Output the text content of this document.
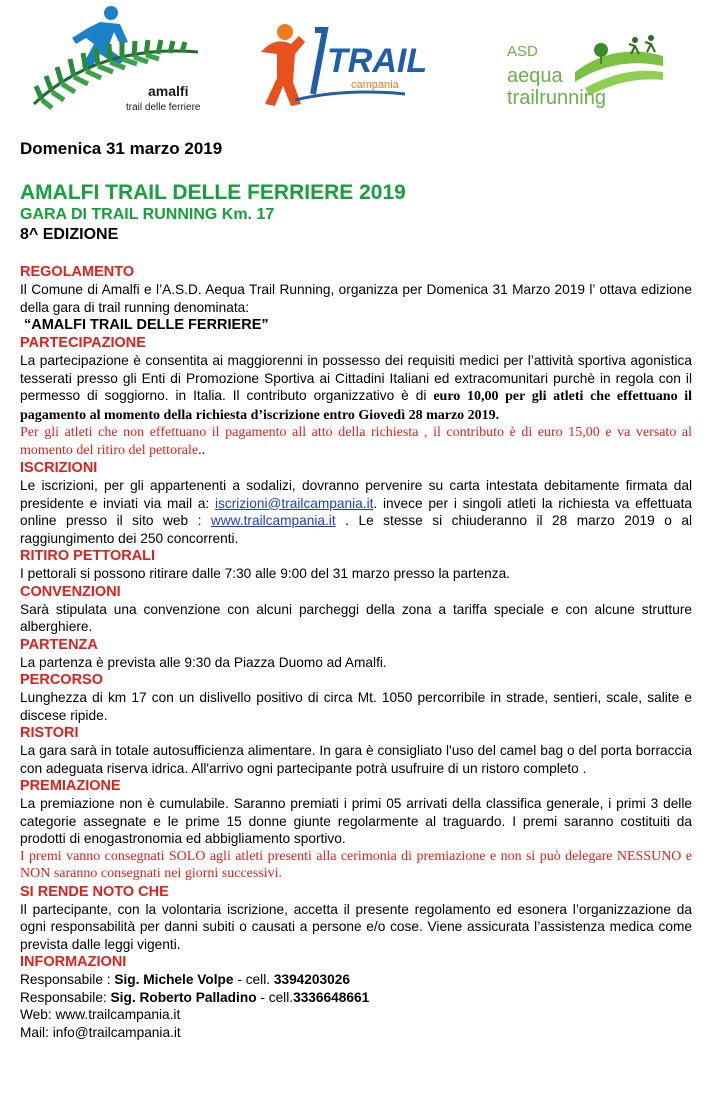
amalfi
trail delle ferriere
TRAIL
campania
ASD
aequa
trailrunning

Domenica 31 marzo 2019

AMALFI TRAIL DELLE FERRIERE 2019

GARA DI TRAIL RUNNING Km. 17

8^ EDIZIONE

REGOLAMENTO

Il Comune di Amalfi e l’A.S.D. Aequa Trail Running, organizza per Domenica 31 Marzo 2019 l’ ottava edizione della gara di trail running denominata:

“AMALFI TRAIL DELLE FERRIERE”

PARTECIPAZIONE

La partecipazione è consentita ai maggiorenni in possesso dei requisiti medici per l’attività sportiva agonistica tesserati presso gli Enti di Promozione Sportiva ai Cittadini Italiani ed extracomunitari purchè in regola con il permesso di soggiorno. in Italia. Il contributo organizzativo è di euro 10,00 per gli atleti che effettuano il pagamento al momento della richiesta d’iscrizione entro Giovedì 28 marzo 2019.

Per gli atleti che non effettuano il pagamento all atto della richiesta , il contributo è di euro 15,00 e va versato al momento del ritiro del pettorale..

ISCRIZIONI

Le iscrizioni, per gli appartenenti a sodalizi, dovranno pervenire su carta intestata debitamente firmata dal presidente e inviati via mail a: iscrizioni@trailcampania.it. invece per i singoli atleti la richiesta va effettuata online presso il sito web : www.trailcampania.it . Le stesse si chiuderanno il 28 marzo 2019 o al raggiungimento dei 250 concorrenti.

RITIRO PETTORALI

I pettorali si possono ritirare dalle 7:30 alle 9:00 del 31 marzo presso la partenza.

CONVENZIONI

Sarà stipulata una convenzione con alcuni parcheggi della zona a tariffa speciale e con alcune strutture alberghiere.

PARTENZA

La partenza è prevista alle 9:30 da Piazza Duomo ad Amalfi.

PERCORSO

Lunghezza di km 17 con un dislivello positivo di circa Mt. 1050 percorribile in strade, sentieri, scale, salite e discese ripide.

RISTORI

La gara sarà in totale autosufficienza alimentare. In gara è consigliato l'uso del camel bag o del porta borraccia con adeguata riserva idrica. All'arrivo ogni partecipante potrà usufruire di un ristoro completo .

PREMIAZIONE

La premiazione non è cumulabile. Saranno premiati i primi 05 arrivati della classifica generale, i primi 3 delle categorie assegnate e le prime 15 donne giunte regolarmente al traguardo. I premi saranno costituiti da prodotti di enogastronomia ed abbigliamento sportivo.

I premi vanno consegnati SOLO agli atleti presenti alla cerimonia di premiazione e non si può delegare NESSUNO e NON saranno consegnati nei giorni successivi.

SI RENDE NOTO CHE

Il partecipante, con la volontaria iscrizione, accetta il presente regolamento ed esonera l’organizzazione da ogni responsabilità per danni subiti o causati a persone e/o cose. Viene assicurata l’assistenza medica come prevista dalle leggi vigenti.

INFORMAZIONI

Responsabile : Sig. Michele Volpe - cell. 3394203026

Responsabile: Sig. Roberto Palladino - cell.3336648661

Web: www.trailcampania.it

Mail: info@trailcampania.it
